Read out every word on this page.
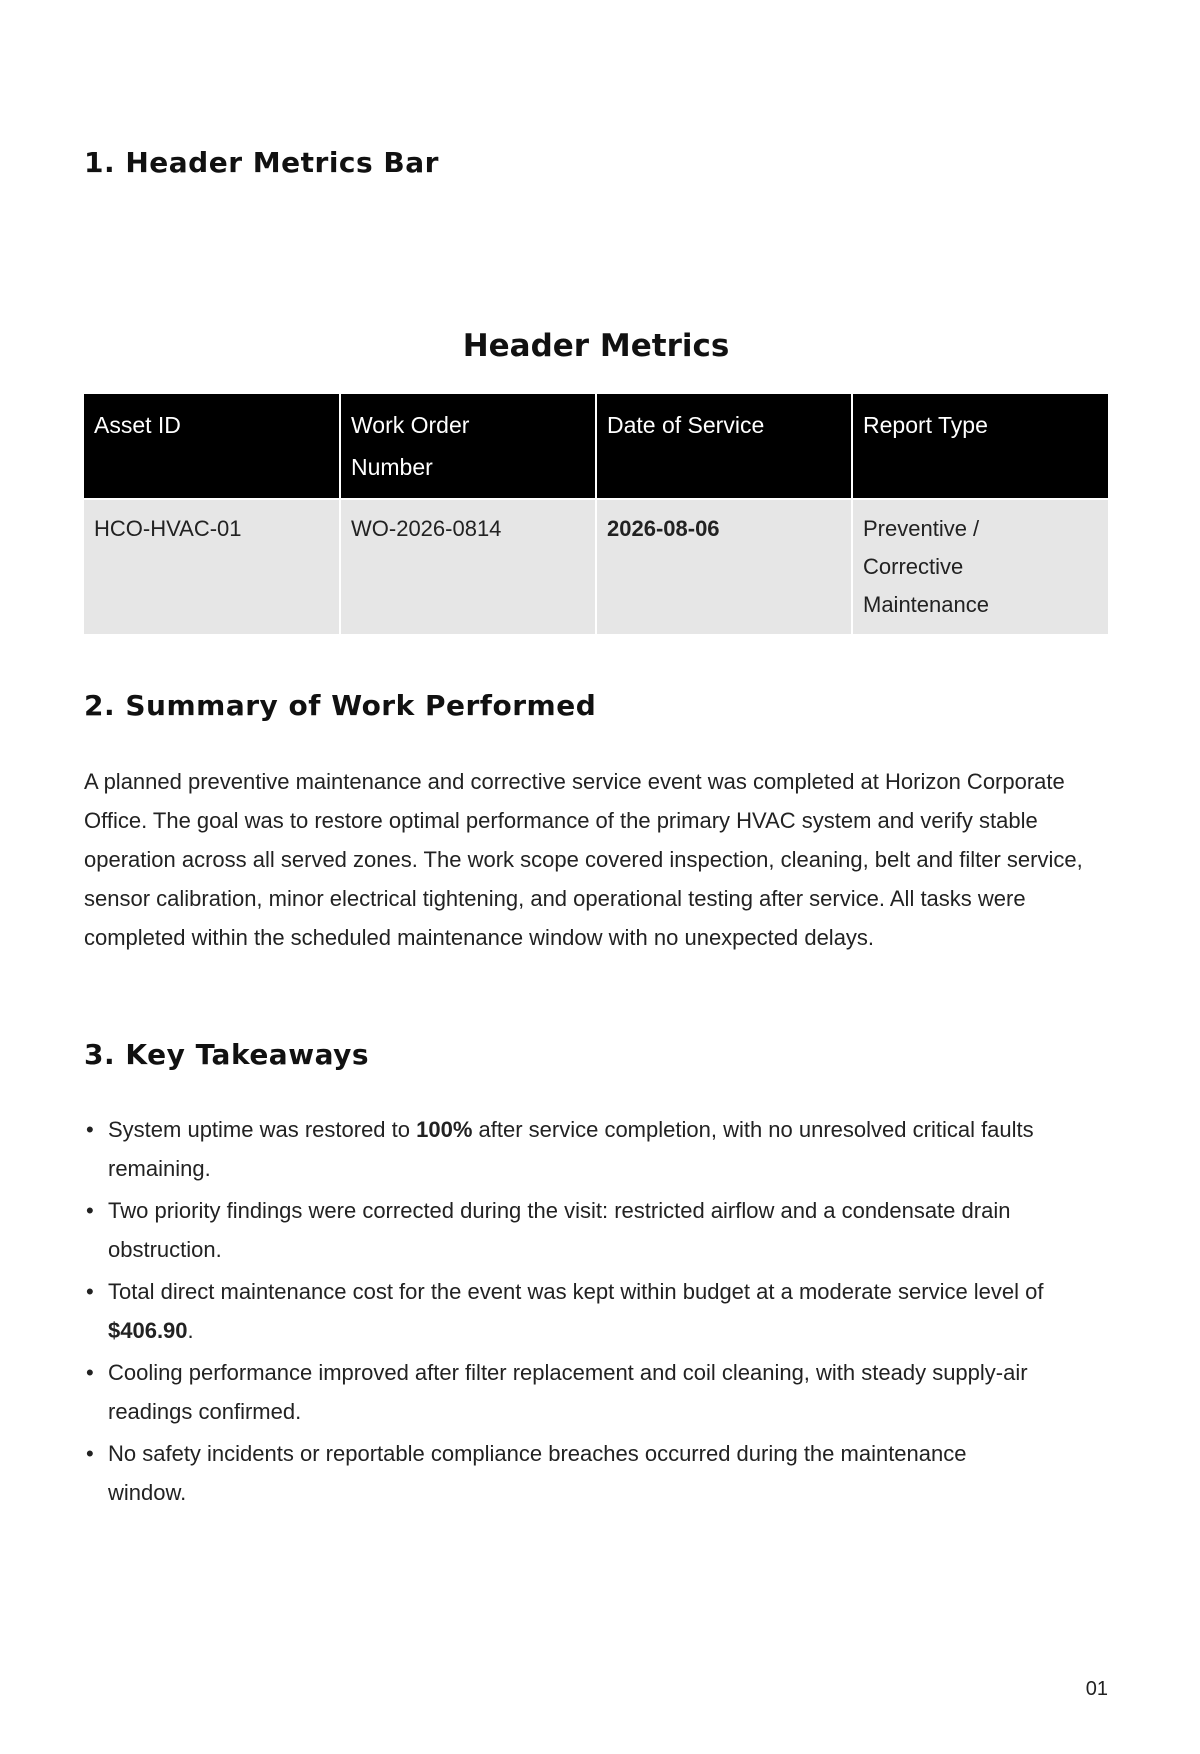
1. Header Metrics Bar
Header Metrics
Asset ID	Work Order Number	Date of Service	Report Type
HCO-HVAC-01	WO-2026-0814	2026-08-06	Preventive / Corrective Maintenance
2. Summary of Work Performed

A planned preventive maintenance and corrective service event was completed at Horizon Corporate Office. The goal was to restore optimal performance of the primary HVAC system and verify stable operation across all served zones. The work scope covered inspection, cleaning, belt and filter service, sensor calibration, minor electrical tightening, and operational testing after service. All tasks were completed within the scheduled maintenance window with no unexpected delays.

3. Key Takeaways
• System uptime was restored to 100% after service completion, with no unresolved critical faults remaining.
• Two priority findings were corrected during the visit: restricted airflow and a condensate drain obstruction.
• Total direct maintenance cost for the event was kept within budget at a moderate service level of $406.90.
• Cooling performance improved after filter replacement and coil cleaning, with steady supply-air readings confirmed.
• No safety incidents or reportable compliance breaches occurred during the maintenance window.
01
